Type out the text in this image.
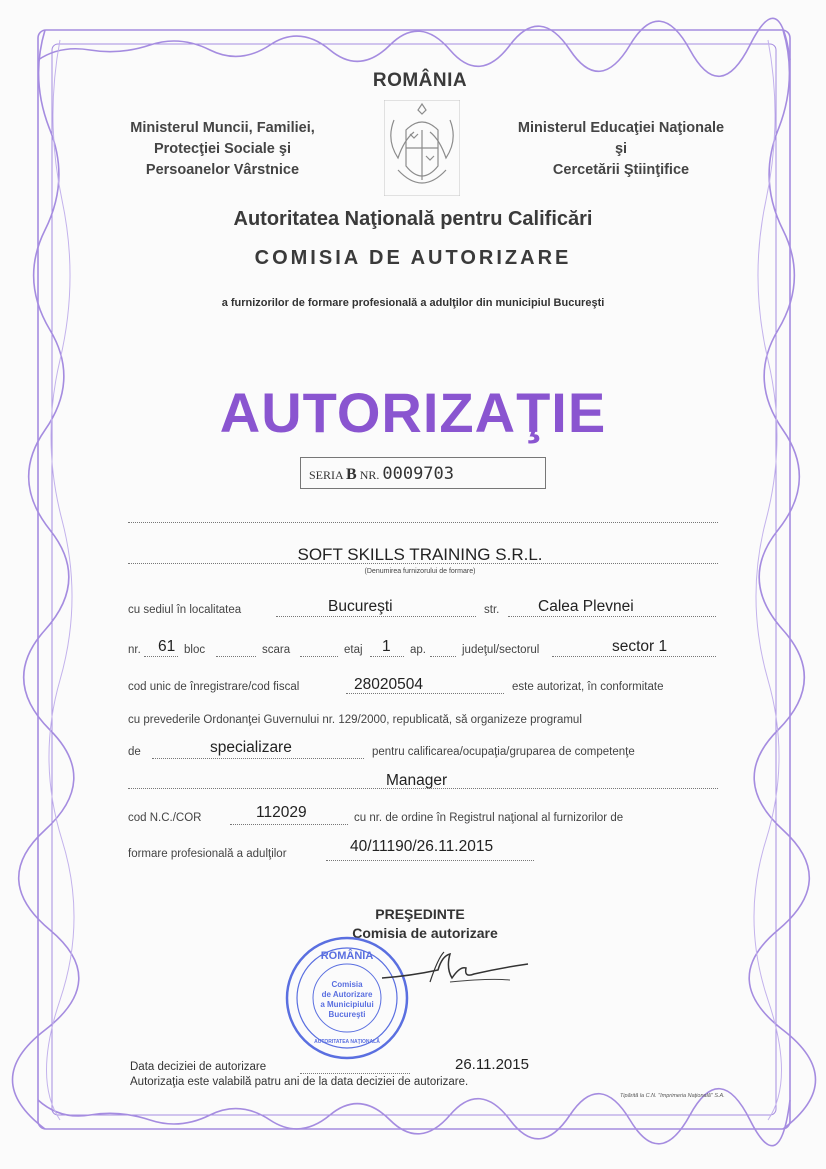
ROMÂNIA
Ministerul Muncii, Familiei,
Protecţiei Sociale şi
Persoanelor Vârstnice
Ministerul Educaţiei Naţionale
şi
Cercetării Ştiinţifice
Autoritatea Naţională pentru Calificări
COMISIA DE AUTORIZARE
a furnizorilor de formare profesională a adulţilor din municipiul Bucureşti
AUTORIZAŢIE
SERIA B NR. 0009703
SOFT SKILLS TRAINING S.R.L.
(Denumirea furnizorului de formare)
cu sediul în localitatea	Bucureşti	str. Calea Plevnei
nr. 61 bloc	scara	etaj 1 ap.	judeţul/sectorul	sector 1
cod unic de înregistrare/cod fiscal	28020504	este autorizat, în conformitate
cu prevederile Ordonanţei Guvernului nr. 129/2000, republicată, să organizeze programul
de	specializare	pentru calificarea/ocupaţia/gruparea de competenţe
Manager
cod N.C./COR	112029	cu nr. de ordine în Registrul naţional al furnizorilor de
formare profesională a adulţilor	40/11190/26.11.2015
PREŞEDINTE
Comisia de autorizare
ROMÂNIA
Comisia
de Autorizare
a Municipiului
Bucureşti
AUTORITATEA NAŢIONALĂ
Data deciziei de autorizare	26.11.2015
Autorizaţia este valabilă patru ani de la data deciziei de autorizare.
Tipărită la C.N. "Imprimeria Naţională" S.A.
